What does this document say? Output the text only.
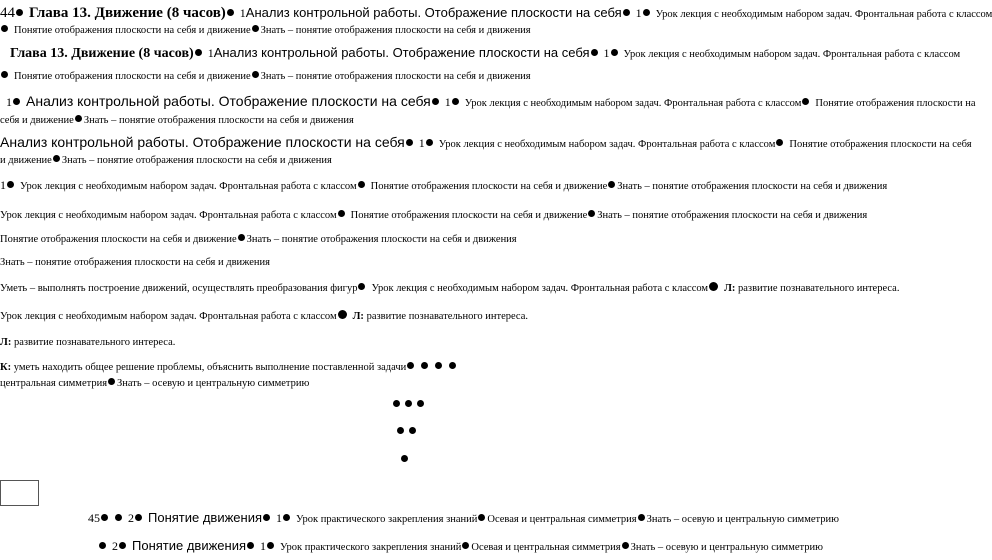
44 Глава 13. Движение (8 часов) 1Анализ контрольной работы. Отображение плоскости на себя 1 Урок лекция с необходимым набором задач. Фронтальная работа с классом
Понятие отображения плоскости на себя и движение Знать – понятие отображения плоскости на себя и движения
Глава 13. Движение (8 часов) 1Анализ контрольной работы. Отображение плоскости на себя 1 Урок лекция с необходимым набором задач. Фронтальная работа с классом
Понятие отображения плоскости на себя и движение Знать – понятие отображения плоскости на себя и движения
1 Анализ контрольной работы. Отображение плоскости на себя 1 Урок лекция с необходимым набором задач. Фронтальная работа с классом Понятие отображения плоскости на
себя и движение Знать – понятие отображения плоскости на себя и движения
Анализ контрольной работы. Отображение плоскости на себя 1 Урок лекция с необходимым набором задач. Фронтальная работа с классом Понятие отображения плоскости на себя
и движение Знать – понятие отображения плоскости на себя и движения
1 Урок лекция с необходимым набором задач. Фронтальная работа с классом Понятие отображения плоскости на себя и движение Знать – понятие отображения плоскости на себя и движения
Урок лекция с необходимым набором задач. Фронтальная работа с классом Понятие отображения плоскости на себя и движение Знать – понятие отображения плоскости на себя и движения
Понятие отображения плоскости на себя и движение Знать – понятие отображения плоскости на себя и движения
Знать – понятие отображения плоскости на себя и движения
Уметь – выполнять построение движений, осуществлять преобразования фигур Урок лекция с необходимым набором задач. Фронтальная работа с классом Л: развитие познавательного интереса.
Урок лекция с необходимым набором задач. Фронтальная работа с классом Л: развитие познавательного интереса.
Л: развитие познавательного интереса.
К: уметь находить общее решение проблемы, объяснить выполнение поставленной задачи
центральная симметрия Знать – осевую и центральную симметрию
45 2 Понятие движения 1 Урок практического закрепления знаний Осевая и центральная симметрия Знать – осевую и центральную симметрию
2 Понятие движения 1 Урок практического закрепления знаний Осевая и центральная симметрия Знать – осевую и центральную симметрию
